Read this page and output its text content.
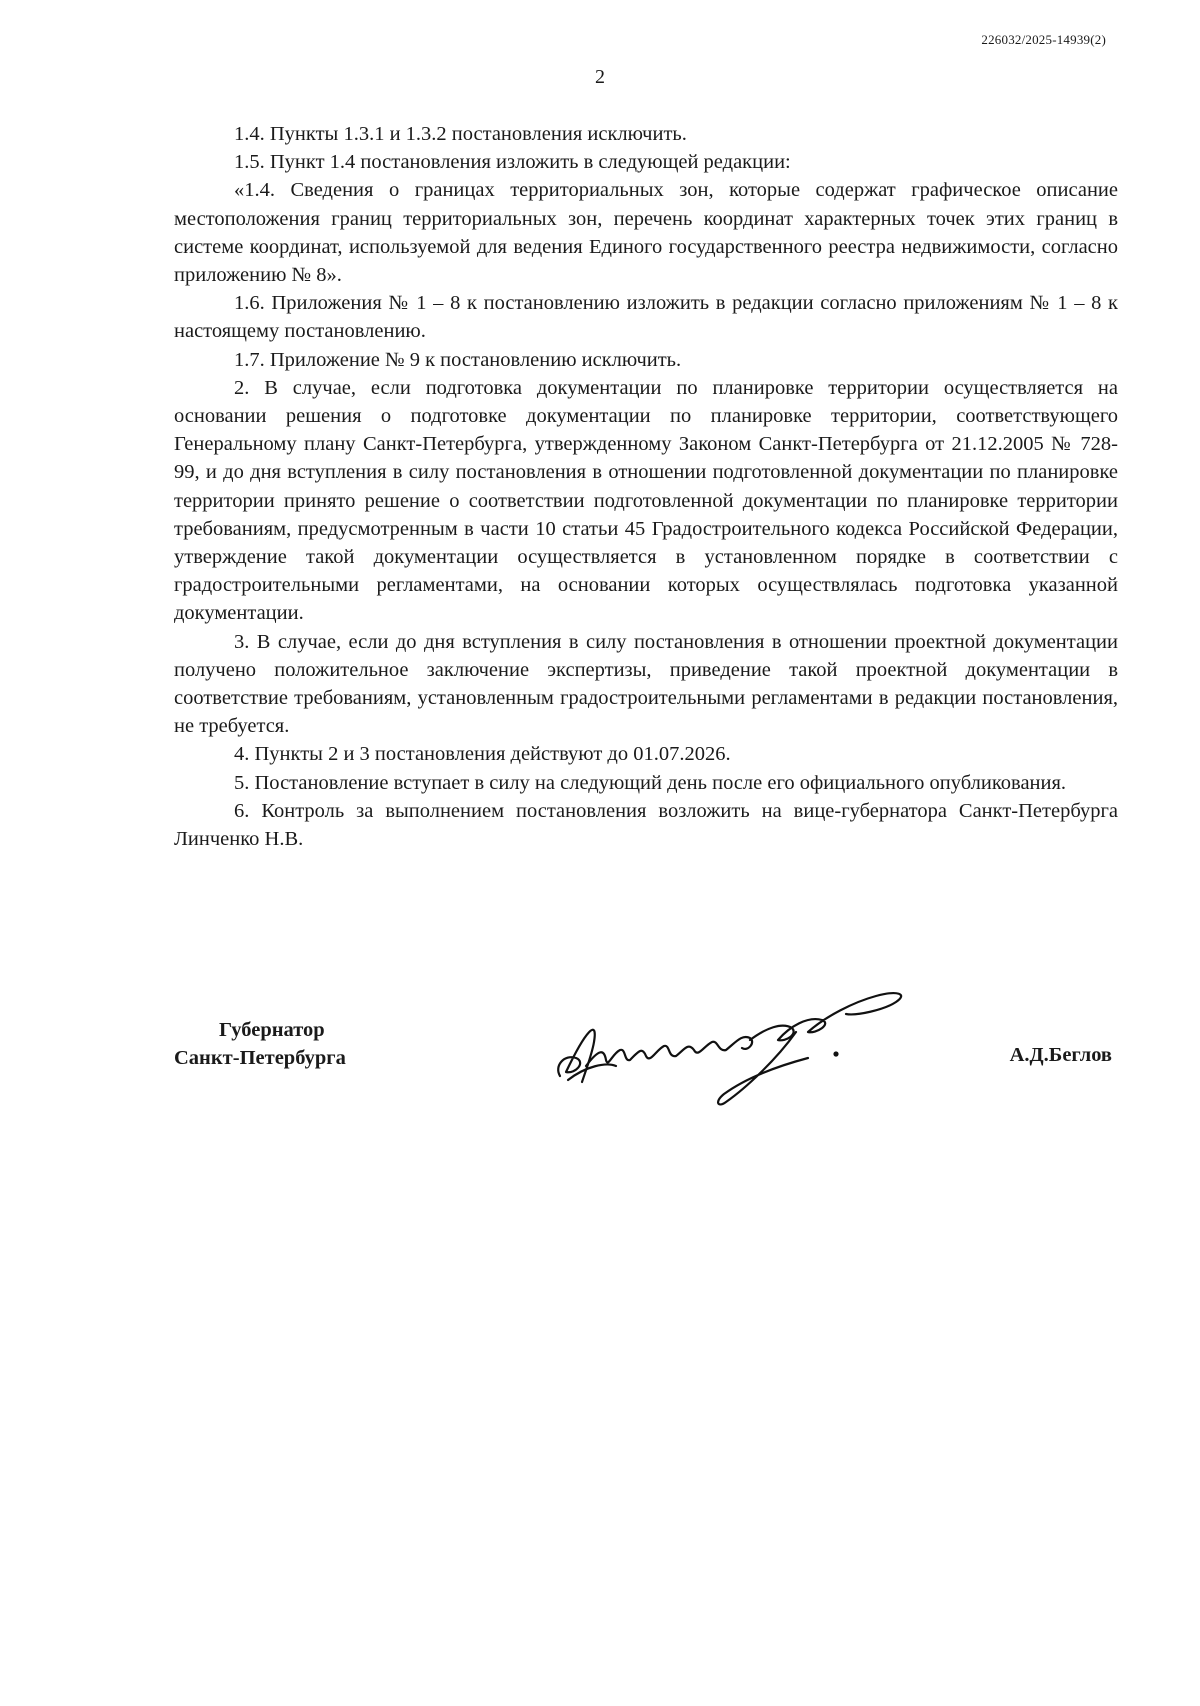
226032/2025-14939(2)
2

1.4. Пункты 1.3.1 и 1.3.2 постановления исключить.

1.5. Пункт 1.4 постановления изложить в следующей редакции:

«1.4. Сведения о границах территориальных зон, которые содержат графическое описание местоположения границ территориальных зон, перечень координат характерных точек этих границ в системе координат, используемой для ведения Единого государственного реестра недвижимости, согласно приложению № 8».

1.6. Приложения № 1 – 8 к постановлению изложить в редакции согласно приложениям № 1 – 8 к настоящему постановлению.

1.7. Приложение № 9 к постановлению исключить.

2. В случае, если подготовка документации по планировке территории осуществляется на основании решения о подготовке документации по планировке территории, соответствующего Генеральному плану Санкт-Петербурга, утвержденному Законом Санкт-Петербурга от 21.12.2005 № 728-99, и до дня вступления в силу постановления в отношении подготовленной документации по планировке территории принято решение о соответствии подготовленной документации по планировке территории требованиям, предусмотренным в части 10 статьи 45 Градостроительного кодекса Российской Федерации, утверждение такой документации осуществляется в установленном порядке в соответствии с градостроительными регламентами, на основании которых осуществлялась подготовка указанной документации.

3. В случае, если до дня вступления в силу постановления в отношении проектной документации получено положительное заключение экспертизы, приведение такой проектной документации в соответствие требованиям, установленным градостроительными регламентами в редакции постановления, не требуется.

4. Пункты 2 и 3 постановления действуют до 01.07.2026.

5. Постановление вступает в силу на следующий день после его официального опубликования.

6. Контроль за выполнением постановления возложить на вице-губернатора Санкт-Петербурга Линченко Н.В.

Губернатор
Санкт-Петербурга	А.Д.Беглов
